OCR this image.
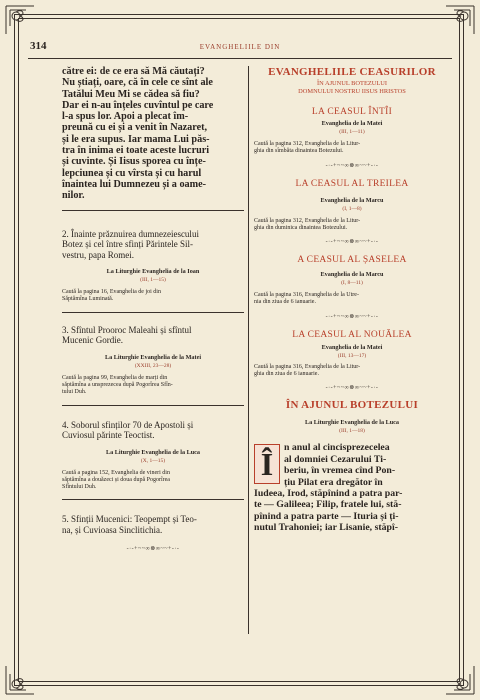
314	EVANGHELIILE DIN

către ei: de ce era să Mă căutați?
Nu știați, oare, că în cele ce sînt ale
Tatălui Meu Mi se cădea să fiu?
Dar ei n-au înțeles cuvîntul pe care
l-a spus lor. Apoi a plecat îm-
preună cu ei și a venit în Nazaret,
și le era supus. Iar mama Lui păs-
tra în inima ei toate aceste lucruri
și cuvinte. Și Iisus sporea cu înțe-
lepciunea și cu vîrsta și cu harul
înaintea lui Dumnezeu și a oame-
nilor.

2. Înainte prăznuirea dumnezeiescului
Botez și cel între sfinți Părintele Sil-
vestru, papa Romei.

La Liturghie Evanghelia de la Ioan

(III, 1—15)

Caută la pagina 16, Evanghelia de joi din
Săptămîna Luminată.

3. Sfîntul Prooroc Maleahi și sfîntul
Mucenic Gordie.

La Liturghie Evanghelia de la Matei

(XXIII, 23—28)

Caută la pagina 99, Evanghelia de marți din
săptămîna a unsprezecea după Pogorîrea Sfîn-
tului Duh.

4. Soborul sfinților 70 de Apostoli și
Cuviosul părinte Teoctist.

La Liturghie Evanghelia de la Luca

(X, 1—15)

Caută a pagina 152, Evanghelia de vineri din
săptămîna a douăzeci și doua după Pogorîrea
Sfîntului Duh.

5. Sfinții Mucenici: Teopempt și Teo-
na, și Cuvioasa Sinclitichia.

-·-+~~∞⊗∞~~+-·-

EVANGHELIILE CEASURILOR

ÎN AJUNUL BOTEZULUI
DOMNULUI NOSTRU IISUS HRISTOS

LA CEASUL ÎNTÎI

Evanghelia de la Matei

(III, 1—11)

Caută la pagina 312, Evanghelia de la Litur-
ghia din sîmbăta dinaintea Botezului.

-·-+~~∞⊗∞~~+-·-

LA CEASUL AL TREILEA

Evanghelia de la Marcu

(I, 1—8)

Caută la pagina 312, Evanghelia de la Litur-
ghia din duminica dinaintea Botezului.

-·-+~~∞⊗∞~~+-·-

A CEASUL AL ȘASELEA

Evanghelia de la Marcu

(I, 8—11)

Caută la pagina 316, Evanghelia de la Utre-
nia din ziua de 6 ianuarie.

-·-+~~∞⊗∞~~+-·-

LA CEASUL AL NOUĂLEA

Evanghelia de la Matei

(III, 13—17)

Caută la pagina 316, Evanghelia de la Litur-
ghia din ziua de 6 ianuarie.

-·-+~~∞⊗∞~~+-·-

ÎN AJUNUL BOTEZULUI

La Liturghie Evanghelia de la Luca

(III, 1—18)

Î	n anul al cincisprezecelea
al domniei Cezarului Ti-
beriu, în vremea cînd Pon-
țiu Pilat era dregător în
Iudeea, Irod, stăpînind a patra par-
te — Galileea; Filip, fratele lui, stă-
pînind a patra parte — Ituria și ți-
nutul Trahoniei; iar Lisanie, stăpî-
